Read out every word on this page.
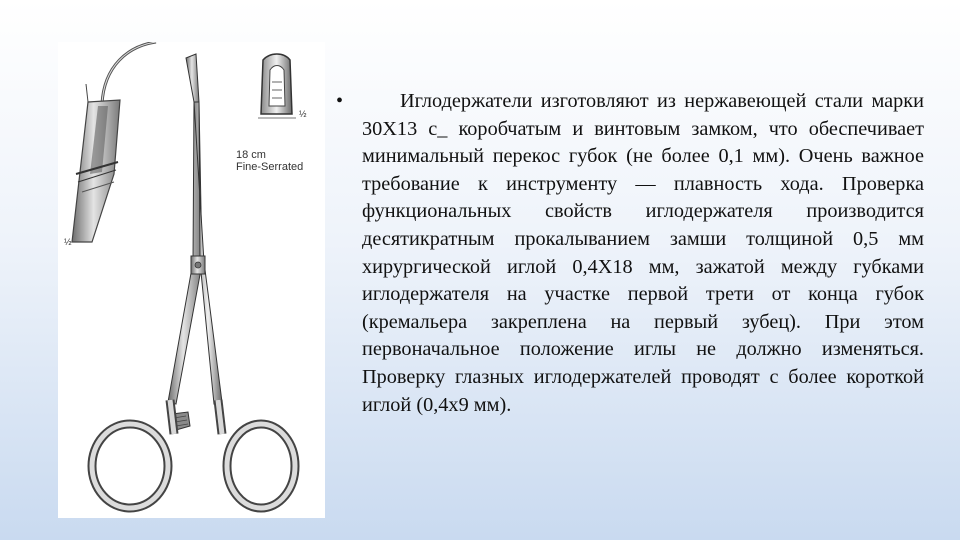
½
18 cm
Fine-Serrated
½
•	Иглодержатели изготовляют из нержавеющей стали марки 30X13 с_ коробчатым и винтовым замком, что обеспечивает минимальный перекос губок (не более 0,1 мм). Очень важное требование к инструменту — плавность хода. Проверка функциональных свойств иглодержателя производится десятикратным прокалыванием замши толщиной 0,5 мм хирургической иглой 0,4X18 мм, зажатой между губками иглодержателя на участке первой трети от конца губок (кремальера закреплена на первый зубец). При этом первоначальное положение иглы не должно изменяться. Проверку глазных иглодержателей проводят с более короткой иглой (0,4x9 мм).
